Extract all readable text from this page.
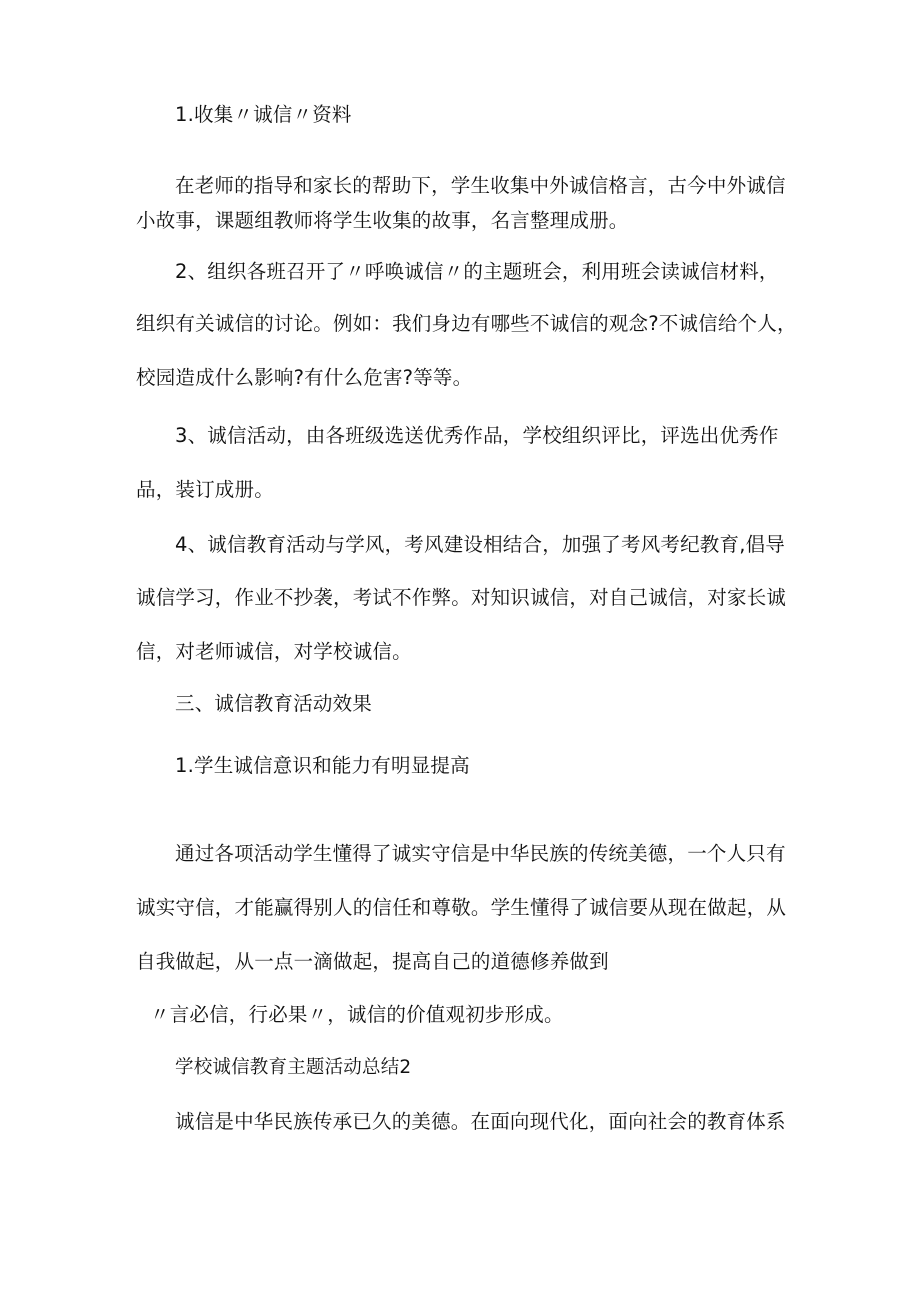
1.收集〃诚信〃资料
在老师的指导和家长的帮助下，学生收集中外诚信格言，古今中外诚信
小故事，课题组教师将学生收集的故事，名言整理成册。
2、组织各班召开了〃呼唤诚信〃的主题班会，利用班会读诚信材料，
组织有关诚信的讨论。例如：我们身边有哪些不诚信的观念?不诚信给个人，
校园造成什么影响?有什么危害?等等。
3、诚信活动，由各班级选送优秀作品，学校组织评比，评选出优秀作
品，装订成册。
4、诚信教育活动与学风，考风建设相结合，加强了考风考纪教育,倡导
诚信学习，作业不抄袭，考试不作弊。对知识诚信，对自己诚信，对家长诚
信，对老师诚信，对学校诚信。
三、诚信教育活动效果
1.学生诚信意识和能力有明显提高
通过各项活动学生懂得了诚实守信是中华民族的传统美德，一个人只有
诚实守信，才能赢得别人的信任和尊敬。学生懂得了诚信要从现在做起，从
自我做起，从一点一滴做起，提高自己的道德修养做到
〃言必信，行必果〃，诚信的价值观初步形成。
学校诚信教育主题活动总结2
诚信是中华民族传承已久的美德。在面向现代化，面向社会的教育体系
